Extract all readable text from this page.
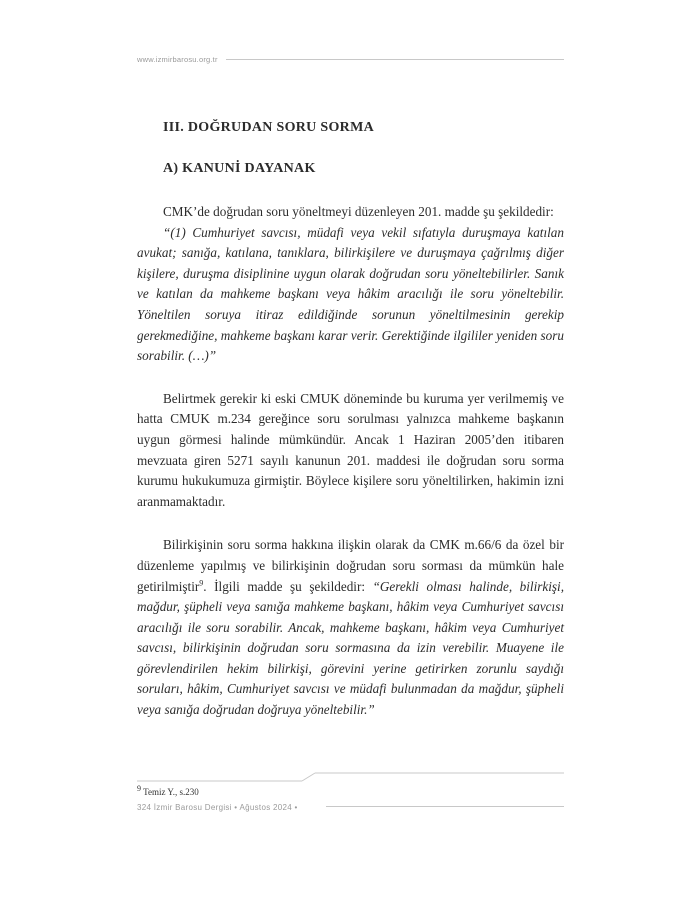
www.izmirbarosu.org.tr
III. DOĞRUDAN SORU SORMA
A) KANUNİ DAYANAK

CMK’de doğrudan soru yöneltmeyi düzenleyen 201. madde şu şekildedir:

“(1) Cumhuriyet savcısı, müdafi veya vekil sıfatıyla duruşmaya katılan avukat; sanığa, katılana, tanıklara, bilirkişilere ve duruşmaya çağrılmış diğer kişilere, duruşma disiplinine uygun olarak doğrudan soru yöneltebilirler. Sanık ve katılan da mahkeme başkanı veya hâkim aracılığı ile soru yöneltebilir. Yöneltilen soruya itiraz edildiğinde sorunun yöneltilmesinin gerekip gerekmediğine, mahkeme başkanı karar verir. Gerektiğinde ilgililer yeniden soru sorabilir. (…)”

Belirtmek gerekir ki eski CMUK döneminde bu kuruma yer verilmemiş ve hatta CMUK m.234 gereğince soru sorulması yalnızca mahkeme başkanın uygun görmesi halinde mümkündür. Ancak 1 Haziran 2005’den itibaren mevzuata giren 5271 sayılı kanunun 201. maddesi ile doğrudan soru sorma kurumu hukukumuza girmiştir. Böylece kişilere soru yöneltilirken, hakimin izni aranmamaktadır.

Bilirkişinin soru sorma hakkına ilişkin olarak da CMK m.66/6 da özel bir düzenleme yapılmış ve bilirkişinin doğrudan soru sorması da mümkün hale getirilmiştir$^9$. İlgili madde şu şekildedir: “Gerekli olması halinde, bilirkişi, mağdur, şüpheli veya sanığa mahkeme başkanı, hâkim veya Cumhuriyet savcısı aracılığı ile soru sorabilir. Ancak, mahkeme başkanı, hâkim veya Cumhuriyet savcısı, bilirkişinin doğrudan soru sormasına da izin verebilir. Muayene ile görevlendirilen hekim bilirkişi, görevini yerine getirirken zorunlu saydığı soruları, hâkim, Cumhuriyet savcısı ve müdafi bulunmadan da mağdur, şüpheli veya sanığa doğrudan doğruya yöneltebilir.”

9 Temiz Y., s.230
324 İzmir Barosu Dergisi • Ağustos 2024 •
